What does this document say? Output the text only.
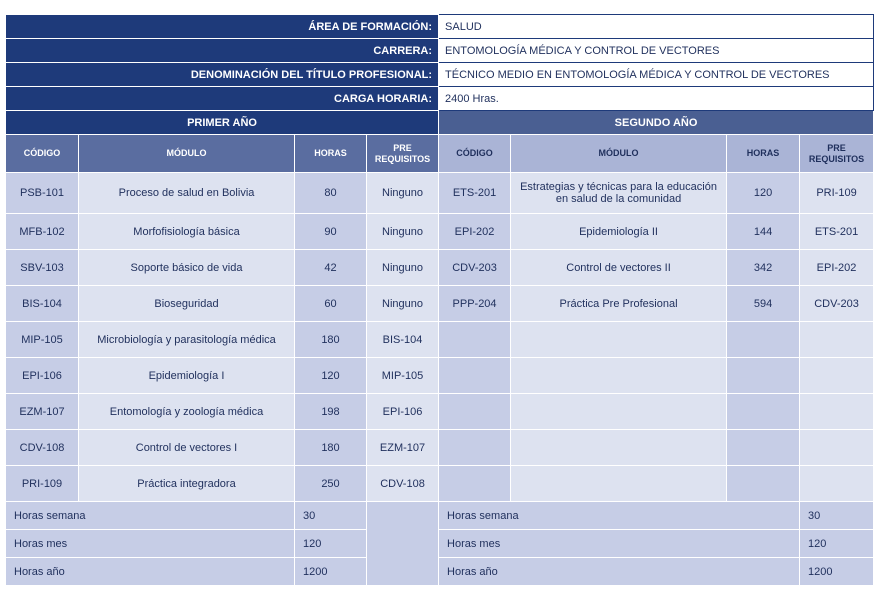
ÁREA DE FORMACIÓN:				SALUD				
CARRERA:				ENTOMOLOGÍA MÉDICA Y CONTROL DE VECTORES				
DENOMINACIÓN DEL TÍTULO PROFESIONAL:				TÉCNICO MEDIO EN ENTOMOLOGÍA MÉDICA Y CONTROL DE VECTORES				
CARGA HORARIA:				2400 Hras.				
PRIMER AÑO				SEGUNDO AÑO				
CÓDIGO	MÓDULO	HORAS	PRE REQUISITOS	CÓDIGO	MÓDULO	HORAS	PRE REQUISITOS	
PSB-101	Proceso de salud en Bolivia	80	Ninguno	ETS-201	Estrategias y técnicas para la educación en salud de la comunidad	120	PRI-109	
MFB-102	Morfofisiología básica	90	Ninguno	EPI-202	Epidemiología II	144	ETS-201	
SBV-103	Soporte básico de vida	42	Ninguno	CDV-203	Control de vectores II	342	EPI-202	
BIS-104	Bioseguridad	60	Ninguno	PPP-204	Práctica Pre Profesional	594	CDV-203	
MIP-105	Microbiología y parasitología médica	180	BIS-104					
EPI-106	Epidemiología I	120	MIP-105					
EZM-107	Entomología y zoología médica	198	EPI-106					
CDV-108	Control de vectores I	180	EZM-107					
PRI-109	Práctica integradora	250	CDV-108					
Horas semana		30		Horas semana			30	
Horas mes		120		Horas mes			120	
Horas año		1200		Horas año			1200	
